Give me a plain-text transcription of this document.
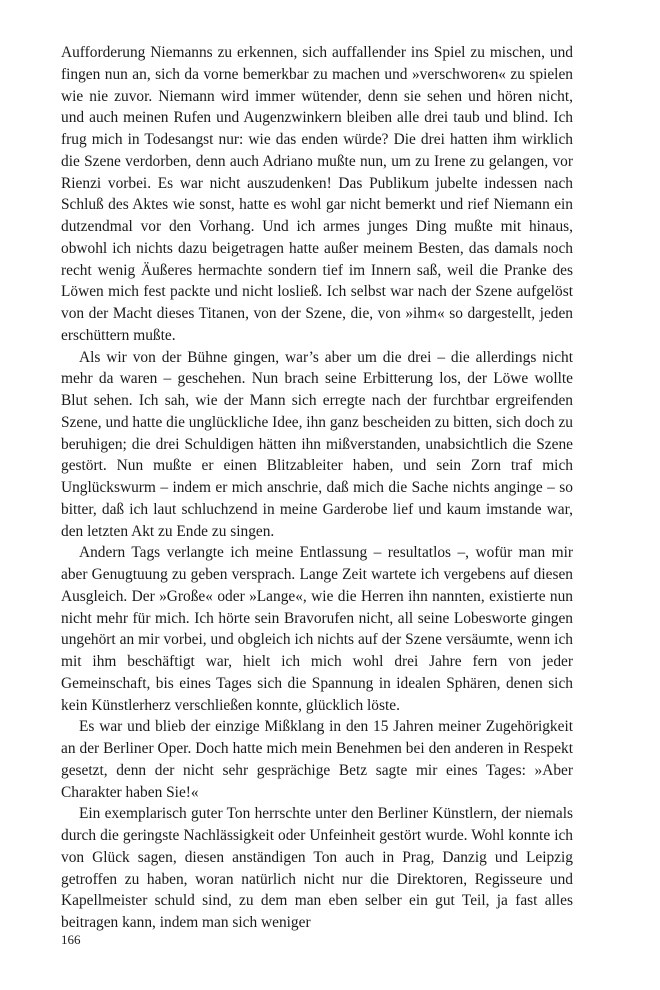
Aufforderung Niemanns zu erkennen, sich auffallender ins Spiel zu mischen, und fingen nun an, sich da vorne bemerkbar zu machen und »verschworen« zu spielen wie nie zuvor. Niemann wird immer wütender, denn sie sehen und hören nicht, und auch meinen Rufen und Augenzwinkern bleiben alle drei taub und blind. Ich frug mich in Todesangst nur: wie das enden würde? Die drei hatten ihm wirklich die Szene verdorben, denn auch Adriano mußte nun, um zu Irene zu gelangen, vor Rienzi vorbei. Es war nicht auszudenken! Das Publikum jubelte indessen nach Schluß des Aktes wie sonst, hatte es wohl gar nicht bemerkt und rief Niemann ein dutzendmal vor den Vorhang. Und ich armes junges Ding mußte mit hinaus, obwohl ich nichts dazu beigetragen hatte außer meinem Besten, das damals noch recht wenig Äußeres hermachte sondern tief im Innern saß, weil die Pranke des Löwen mich fest packte und nicht losließ. Ich selbst war nach der Szene aufgelöst von der Macht dieses Titanen, von der Szene, die, von »ihm« so dargestellt, jeden erschüttern mußte.

Als wir von der Bühne gingen, war’s aber um die drei – die allerdings nicht mehr da waren – geschehen. Nun brach seine Erbitterung los, der Löwe wollte Blut sehen. Ich sah, wie der Mann sich erregte nach der furchtbar ergreifenden Szene, und hatte die unglückliche Idee, ihn ganz bescheiden zu bitten, sich doch zu beruhigen; die drei Schuldigen hätten ihn mißverstanden, unabsichtlich die Szene gestört. Nun mußte er einen Blitzableiter haben, und sein Zorn traf mich Unglückswurm – indem er mich anschrie, daß mich die Sache nichts anginge – so bitter, daß ich laut schluchzend in meine Garderobe lief und kaum imstande war, den letzten Akt zu Ende zu singen.

Andern Tags verlangte ich meine Entlassung – resultatlos –, wofür man mir aber Genugtuung zu geben versprach. Lange Zeit wartete ich vergebens auf diesen Ausgleich. Der »Große« oder »Lange«, wie die Herren ihn nannten, existierte nun nicht mehr für mich. Ich hörte sein Bravorufen nicht, all seine Lobesworte gingen ungehört an mir vorbei, und obgleich ich nichts auf der Szene versäumte, wenn ich mit ihm beschäftigt war, hielt ich mich wohl drei Jahre fern von jeder Gemeinschaft, bis eines Tages sich die Spannung in idealen Sphären, denen sich kein Künstlerherz verschließen konnte, glücklich löste.

Es war und blieb der einzige Mißklang in den 15 Jahren meiner Zugehörigkeit an der Berliner Oper. Doch hatte mich mein Benehmen bei den anderen in Respekt gesetzt, denn der nicht sehr gesprächige Betz sagte mir eines Tages: »Aber Charakter haben Sie!«

Ein exemplarisch guter Ton herrschte unter den Berliner Künstlern, der niemals durch die geringste Nachlässigkeit oder Unfeinheit gestört wurde. Wohl konnte ich von Glück sagen, diesen anständigen Ton auch in Prag, Danzig und Leipzig getroffen zu haben, woran natürlich nicht nur die Direktoren, Regisseure und Kapellmeister schuld sind, zu dem man eben selber ein gut Teil, ja fast alles beitragen kann, indem man sich weniger

166
